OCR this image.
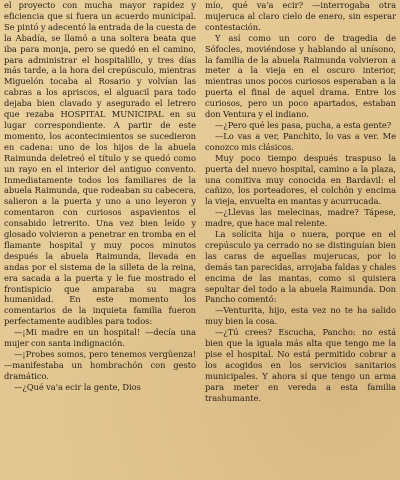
el proyecto con mucha mayor rapidez y eficiencia que si fuera un acuerdo municipal. Se pintó y adecentó la entrada de la cuesta de la Abadía, se llamó a una soltera beata que iba para monja, pero se quedó en el camino, para administrar el hospitalillo, y tres días más tarde, a la hora del crepúsculo, mientras Miguelón tocaba al Rosario y volvían las cabras a los apriscos, el alguacil para todo dejaba bien clavado y asegurado el letrero que rezaba HOSPITAL MUNICIPAL en su lugar correspondiente. A partir de este momento, los acontecimientos se sucedieron en cadena: uno de los hijos de la abuela Raimunda deletreó el título y se quedó como un rayo en el interior del antiguo convento. Inmediatamente todos los familiares de la abuela Raimunda, que rodeaban su cabecera, salieron a la puerta y uno a uno leyeron y comentaron con curiosos aspavientos el consabido letrerito. Una vez bien leído y glosado volvieron a penetrar en tromba en el flamante hospital y muy pocos minutos después la abuela Raimunda, llevada en andas por el sistema de la silleta de la reina, era sacada a la puerta y le fue mostrado el frontispicio que amparaba su magra humanidad. En este momento los comentarios de la inquieta familia fueron perfectamente audibles para todos:

—¡Mi madre en un hospital! —decía una mujer con santa indignación.

—¡Probes somos, pero tenemos vergüenza! —manifestaba un hombrachón con gesto dramático.

—¿Qué va'a ecir la gente, Dios

mío, qué va'a ecir? —interrogaba otra mujeruca al claro cielo de enero, sin esperar contestación.

Y así como un coro de tragedia de Sófocles, moviéndose y hablando al unísono, la familia de la abuela Raimunda volvieron a meter a la vieja en el oscuro interior, mientras unos pocos curiosos esperaban a la puerta el final de aquel drama. Entre los curiosos, pero un poco apartados, estaban don Ventura y el indiano.

—¿Pero qué les pasa, pucha, a esta gente?

—Lo vas a ver, Panchito, lo vas a ver. Me conozco mis clásicos.

Muy poco tiempo después traspuso la puerta del nuevo hospital, camino a la plaza, una comitiva muy conocida en Bardavil: el cañizo, los porteadores, el colchón y encima la vieja, envuelta en mantas y acurrucada.

—¿Llevas las melecinas, madre? Tápese, madre, que hace mal relente.

La solícita hija o nuera, porque en el crepúsculo ya cerrado no se distinguían bien las caras de aquellas mujerucas, por lo demás tan parecidas, arrojaba faldas y chales encima de las mantas, como si quisiera sepultar del todo a la abuela Raimunda. Don Pancho comentó:

—Venturita, hijo, esta vez no te ha salido muy bien la cosa.

—¿Tú crees? Escucha, Pancho: no está bien que la iguala más alta que tengo me la pise el hospital. No está permitido cobrar a los acogidos en los servicios sanitarios municipales. Y ahora sí que tengo un arma para meter en vereda a esta familia trashumante.
